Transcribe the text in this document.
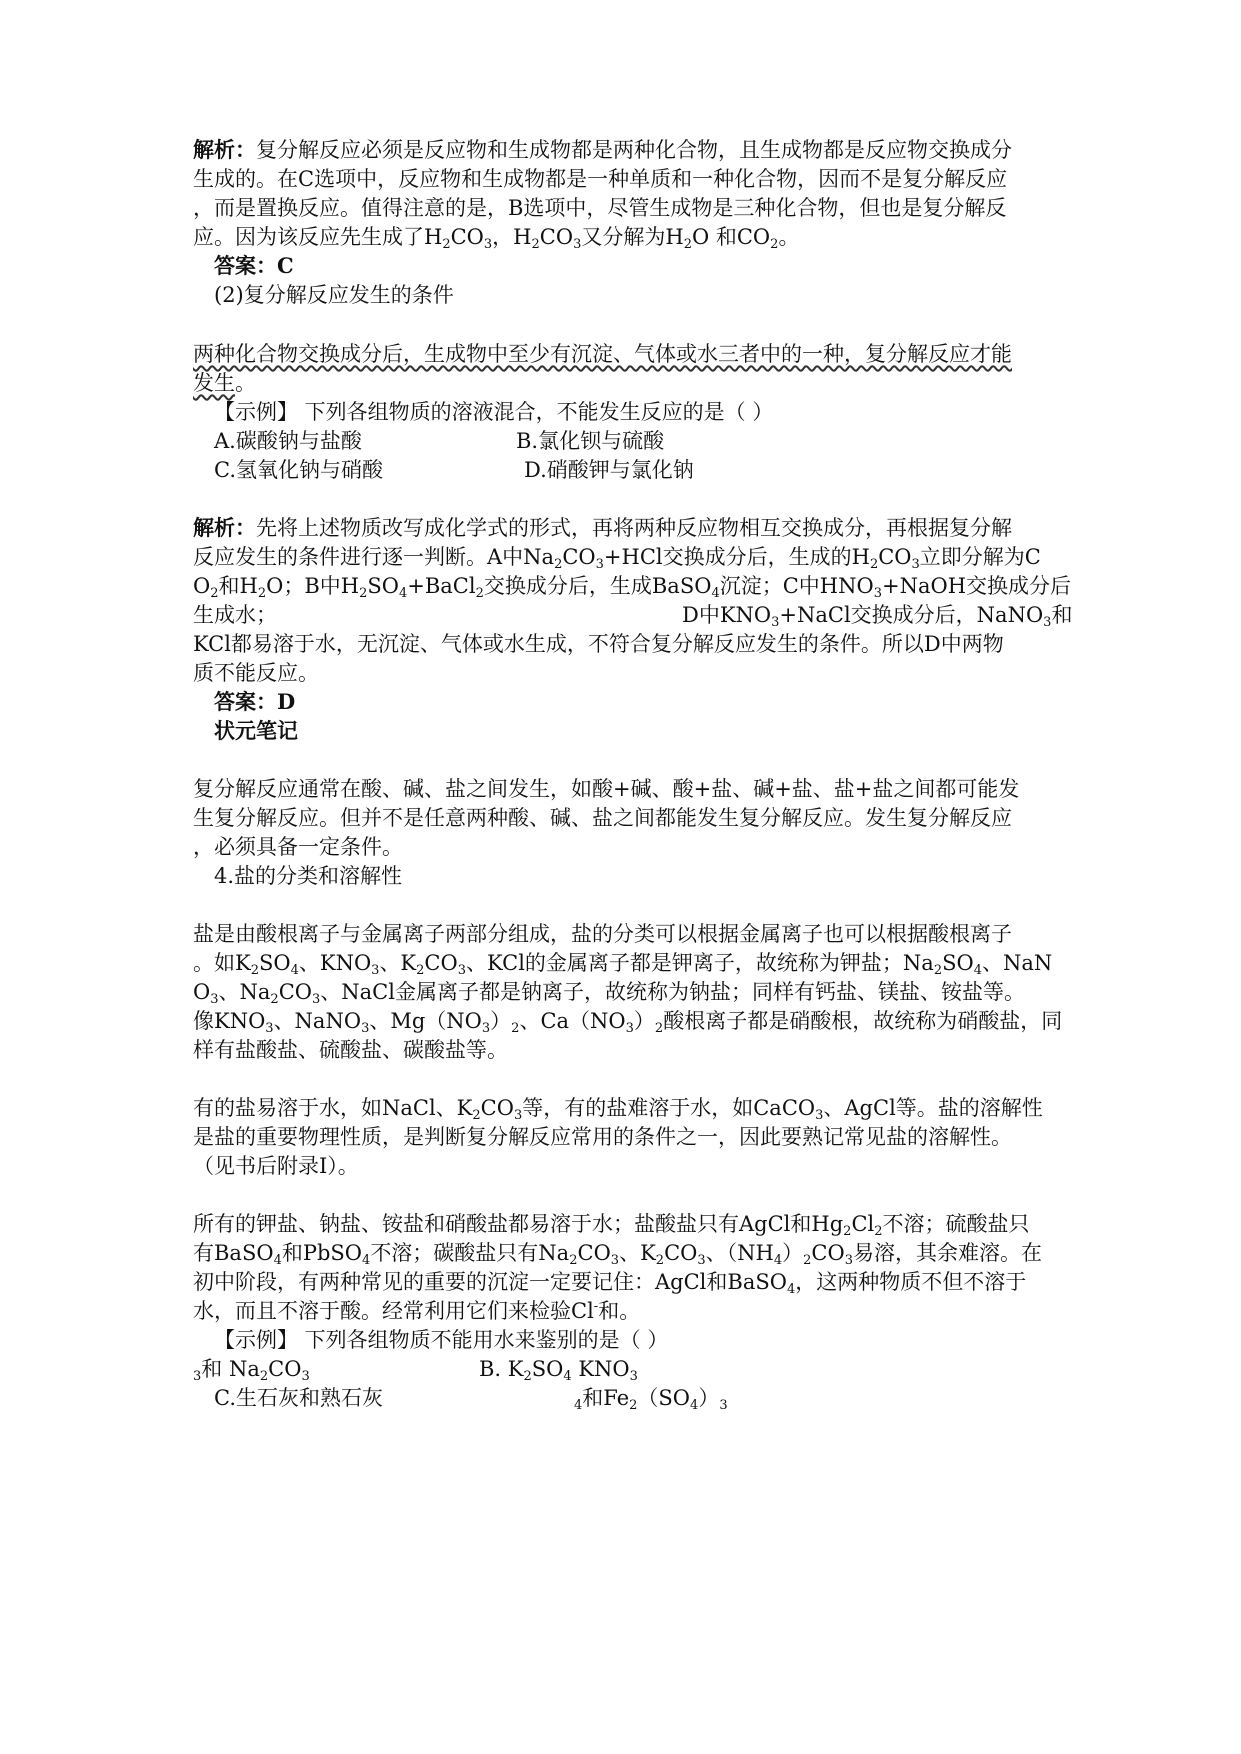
解析：复分解反应必须是反应物和生成物都是两种化合物，且生成物都是反应物交换成分
生成的。在C选项中，反应物和生成物都是一种单质和一种化合物，因而不是复分解反应
，而是置换反应。值得注意的是，B选项中，尽管生成物是三种化合物，但也是复分解反
应。因为该反应先生成了$H_2CO_3$，$H_2CO_3$又分解为$H_2O$ 和$CO_2$。
答案：C
(2)复分解反应发生的条件
两种化合物交换成分后，生成物中至少有沉淀、气体或水三者中的一种，复分解反应才能
发生。
【示例】 下列各组物质的溶液混合，不能发生反应的是（ ）
A.碳酸钠与盐酸	B.氯化钡与硫酸
C.氢氧化钠与硝酸	D.硝酸钾与氯化钠
解析：先将上述物质改写成化学式的形式，再将两种反应物相互交换成分，再根据复分解
反应发生的条件进行逐一判断。A中$Na_2CO_3+HCl$交换成分后，生成的$H_2CO_3$立即分解为C
$O_2$和$H_2O$；B中$H_2SO_4+BaCl_2$交换成分后，生成BaSO$_4$沉淀；C中$HNO_3+NaOH$交换成分后
生成水；	D中$KNO_3+NaCl$交换成分后，NaNO$_3$和
KCl都易溶于水，无沉淀、气体或水生成，不符合复分解反应发生的条件。所以D中两物
质不能反应。
答案：D
状元笔记
复分解反应通常在酸、碱、盐之间发生，如酸+碱、酸+盐、碱+盐、盐+盐之间都可能发
生复分解反应。但并不是任意两种酸、碱、盐之间都能发生复分解反应。发生复分解反应
，必须具备一定条件。
4.盐的分类和溶解性
盐是由酸根离子与金属离子两部分组成，盐的分类可以根据金属离子也可以根据酸根离子
。如$K_2SO_4$、$KNO_3$、$K_2CO_3$、KCl的金属离子都是钾离子，故统称为钾盐；$Na_2SO_4$、NaN
$O_3$、$Na_2CO_3$、NaCl金属离子都是钠离子，故统称为钠盐；同样有钙盐、镁盐、铵盐等。
像$KNO_3$、NaNO$_3$、$Mg(NO_3)_2$、$Ca(NO_3)_2$酸根离子都是硝酸根，故统称为硝酸盐，同
样有盐酸盐、硫酸盐、碳酸盐等。
有的盐易溶于水，如NaCl、$K_2CO_3$等，有的盐难溶于水，如CaCO$_3$、AgCl等。盐的溶解性
是盐的重要物理性质，是判断复分解反应常用的条件之一，因此要熟记常见盐的溶解性。
（见书后附录Ⅰ）。
所有的钾盐、钠盐、铵盐和硝酸盐都易溶于水；盐酸盐只有AgCl和$Hg_2Cl_2$不溶；硫酸盐只
有BaSO$_4$和PbSO$_4$不溶；碳酸盐只有$Na_2CO_3$、$K_2CO_3$、$(NH_4)_2CO_3$易溶，其余难溶。在
初中阶段，有两种常见的重要的沉淀一定要记住：AgCl和BaSO$_4$，这两种物质不但不溶于
水，而且不溶于酸。经常利用它们来检验Cl-和。
【示例】 下列各组物质不能用水来鉴别的是（ ）
$_3$和 $Na_2CO_3$	B. $K_2SO_4$ $KNO_3$
C.生石灰和熟石灰	$_4$和$Fe_2(SO_4)_3$
